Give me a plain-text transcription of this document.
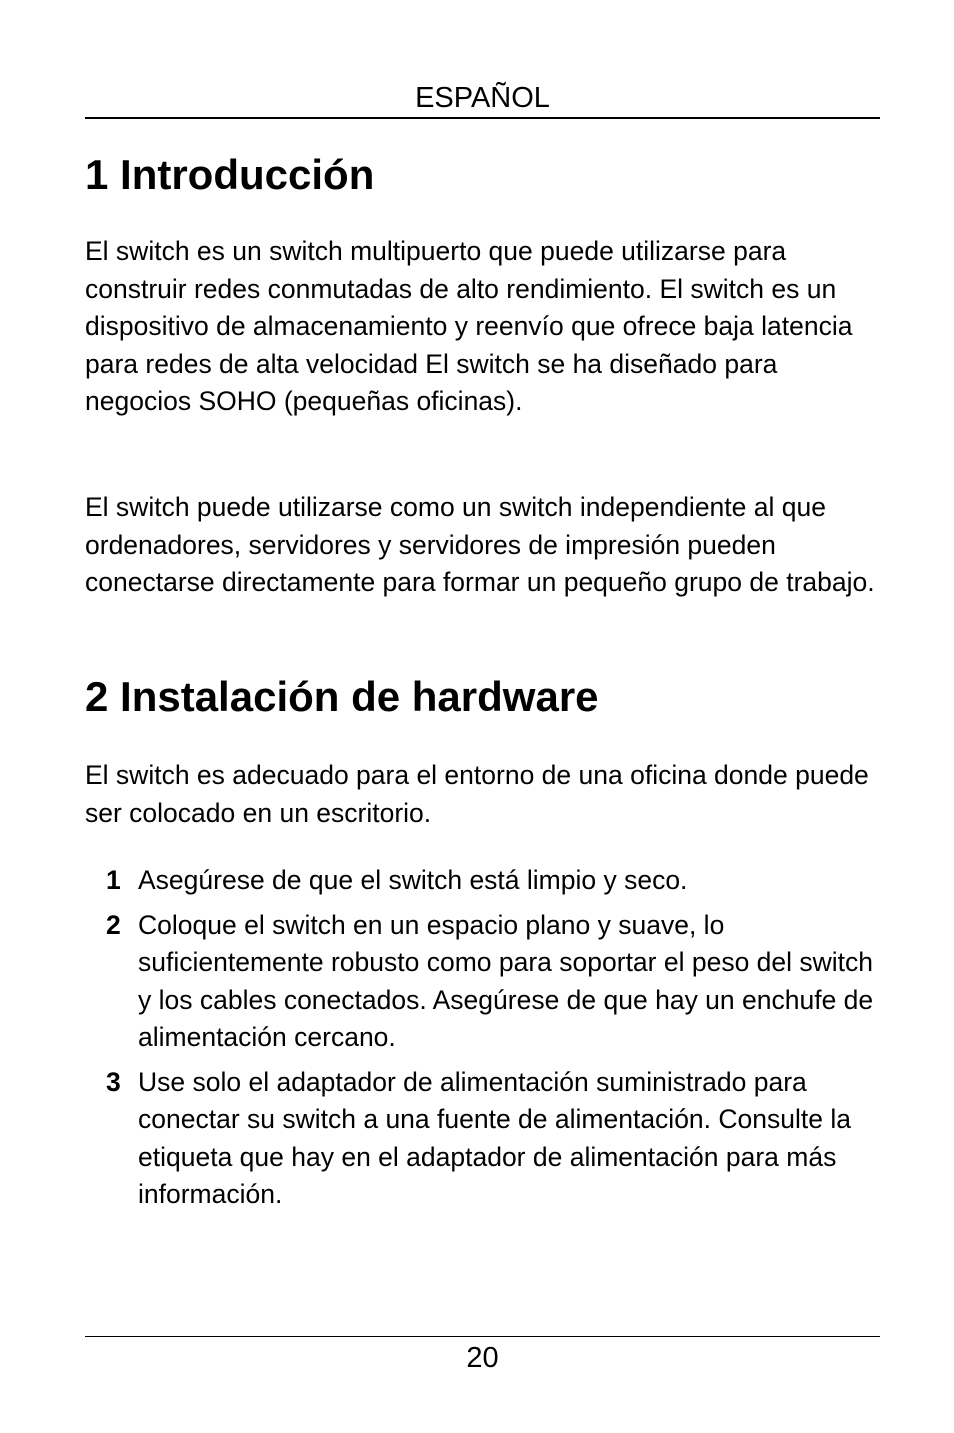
ESPAÑOL
1 Introducción

El switch es un switch multipuerto que puede utilizarse para construir redes conmutadas de alto rendimiento. El switch es un dispositivo de almacenamiento y reenvío que ofrece baja latencia para redes de alta velocidad El switch se ha diseñado para negocios SOHO (pequeñas oficinas).

El switch puede utilizarse como un switch independiente al que ordenadores, servidores y servidores de impresión pueden conectarse directamente para formar un pequeño grupo de trabajo.

2 Instalación de hardware

El switch es adecuado para el entorno de una oficina donde puede ser colocado en un escritorio.

1 Asegúrese de que el switch está limpio y seco.
2 Coloque el switch en un espacio plano y suave, lo suficientemente robusto como para soportar el peso del switch y los cables conectados. Asegúrese de que hay un enchufe de alimentación cercano.
3 Use solo el adaptador de alimentación suministrado para conectar su switch a una fuente de alimentación. Consulte la etiqueta que hay en el adaptador de alimentación para más información.
20
